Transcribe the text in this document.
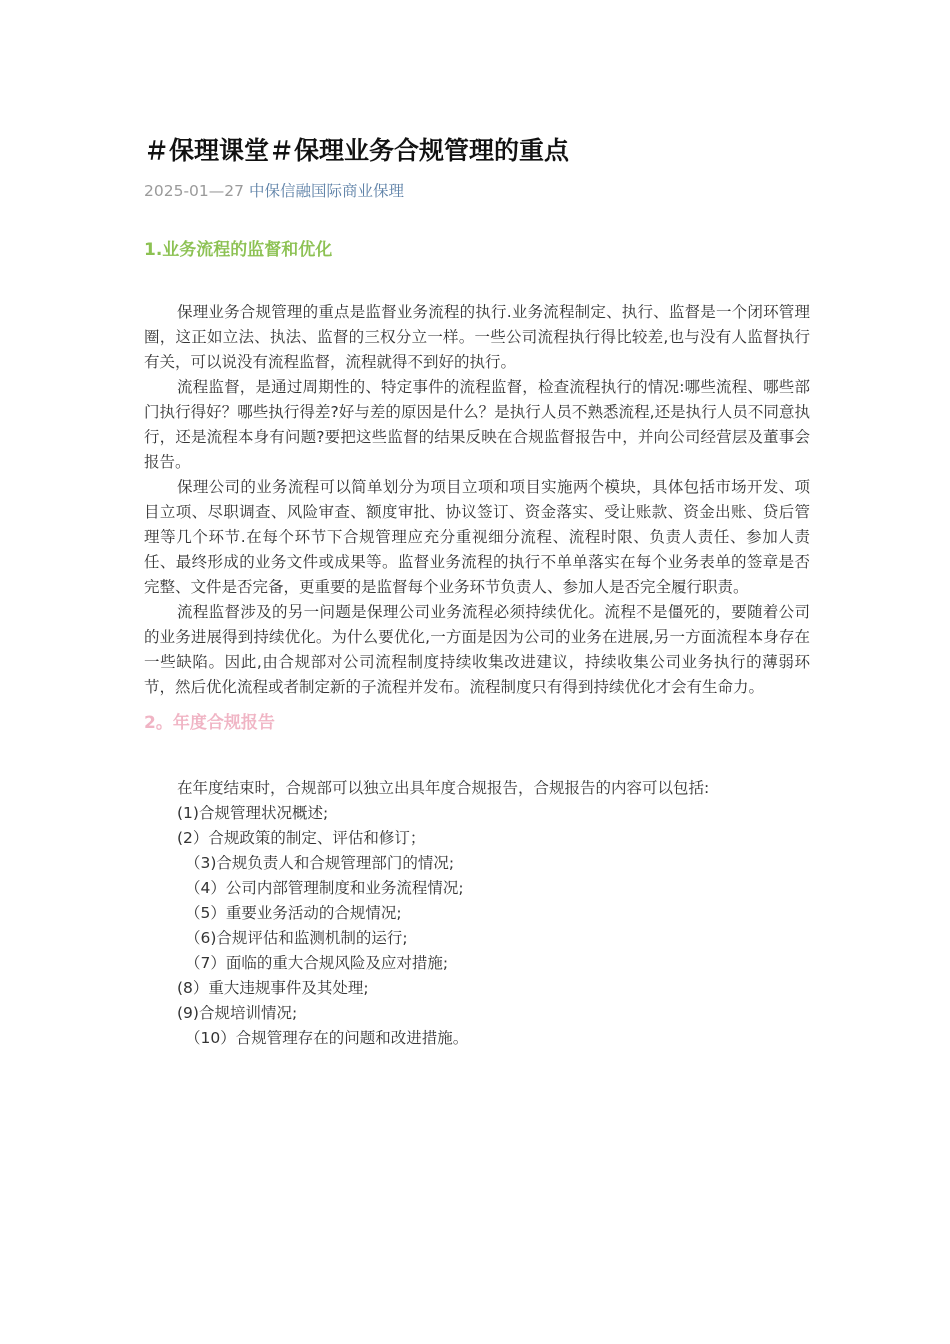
＃保理课堂＃保理业务合规管理的重点
2025-01—27 中保信融国际商业保理
1.业务流程的监督和优化

保理业务合规管理的重点是监督业务流程的执行.业务流程制定、执行、监督是一个闭环管理圈，这正如立法、执法、监督的三权分立一样。一些公司流程执行得比较差,也与没有人监督执行有关，可以说没有流程监督，流程就得不到好的执行。

流程监督，是通过周期性的、特定事件的流程监督，检查流程执行的情况:哪些流程、哪些部门执行得好？哪些执行得差?好与差的原因是什么？是执行人员不熟悉流程,还是执行人员不同意执行，还是流程本身有问题?要把这些监督的结果反映在合规监督报告中，并向公司经营层及董事会报告。

保理公司的业务流程可以简单划分为项目立项和项目实施两个模块，具体包括市场开发、项目立项、尽职调查、风险审查、额度审批、协议签订、资金落实、受让账款、资金出账、贷后管理等几个环节.在每个环节下合规管理应充分重视细分流程、流程时限、负责人责任、参加人责任、最终形成的业务文件或成果等。监督业务流程的执行不单单落实在每个业务表单的签章是否完整、文件是否完备，更重要的是监督每个业务环节负责人、参加人是否完全履行职责。

流程监督涉及的另一问题是保理公司业务流程必须持续优化。流程不是僵死的，要随着公司的业务进展得到持续优化。为什么要优化,一方面是因为公司的业务在进展,另一方面流程本身存在一些缺陷。因此,由合规部对公司流程制度持续收集改进建议，持续收集公司业务执行的薄弱环节，然后优化流程或者制定新的子流程并发布。流程制度只有得到持续优化才会有生命力。

2。年度合规报告

在年度结束时，合规部可以独立出具年度合规报告，合规报告的内容可以包括:

(1)合规管理状况概述;

(2）合规政策的制定、评估和修订；

（3)合规负责人和合规管理部门的情况;

（4）公司内部管理制度和业务流程情况;

（5）重要业务活动的合规情况;

（6)合规评估和监测机制的运行;

（7）面临的重大合规风险及应对措施;

(8）重大违规事件及其处理;

(9)合规培训情况;

（10）合规管理存在的问题和改进措施。
